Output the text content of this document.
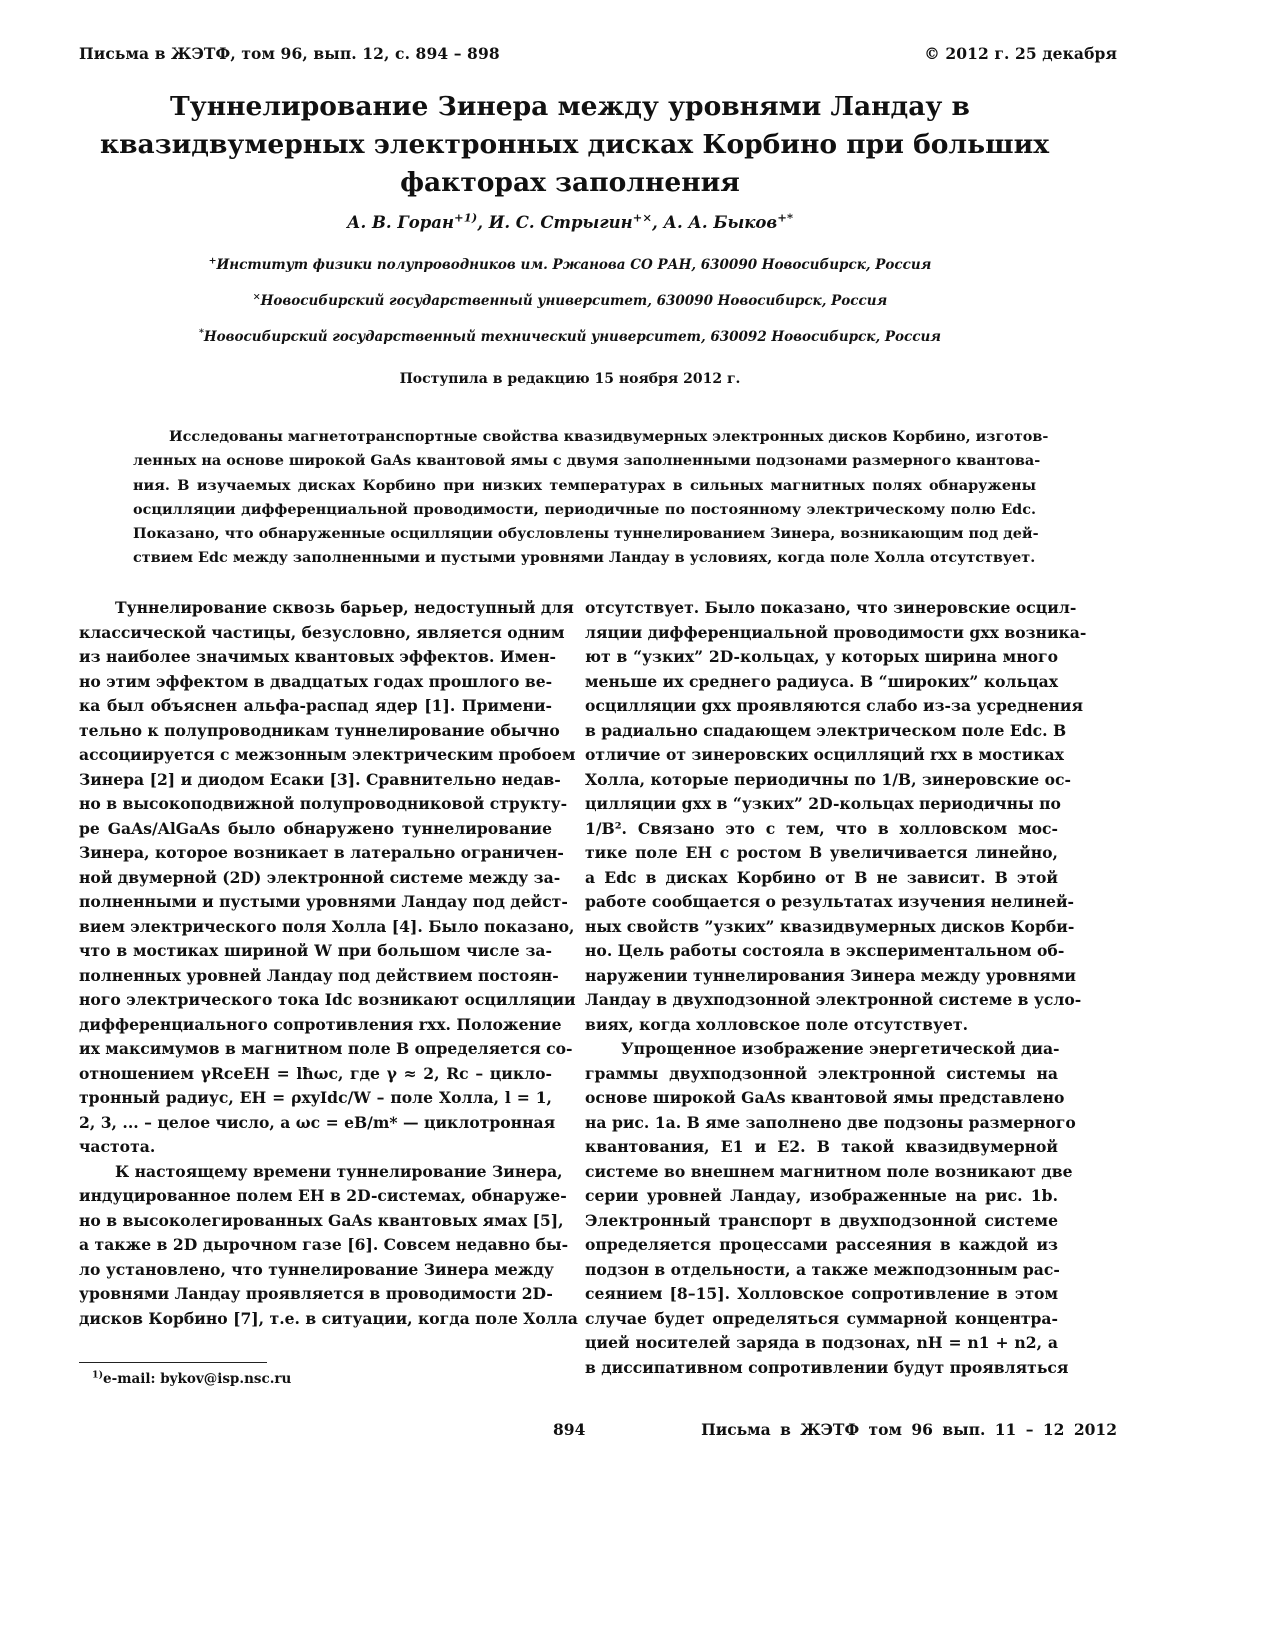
Письма в ЖЭТФ, том 96, вып. 12, с. 894 – 898	© 2012 г. 25 декабря
Туннелирование Зинера между уровнями Ландау в
квазидвумерных электронных дисках Корбино при больших
факторах заполнения
А. В. Горан$^{+1)}$, И. С. Стрыгин+×, А. А. Быков+*
+Институт физики полупроводников им. Ржанова СО РАН, 630090 Новосибирск, Россия
×Новосибирский государственный университет, 630090 Новосибирск, Россия
*Новосибирский государственный технический университет, 630092 Новосибирск, Россия
Поступила в редакцию 15 ноября 2012 г.
Исследованы магнетотранспортные свойства квазидвумерных электронных дисков Корбино, изготов-
ленных на основе широкой GaAs квантовой ямы с двумя заполненными подзонами размерного квантова-
ния. В изучаемых дисках Корбино при низких температурах в сильных магнитных полях обнаружены
осцилляции дифференциальной проводимости, периодичные по постоянному электрическому полю Edc.
Показано, что обнаруженные осцилляции обусловлены туннелированием Зинера, возникающим под дей-
ствием Edc между заполненными и пустыми уровнями Ландау в условиях, когда поле Холла отсутствует.
Туннелирование сквозь барьер, недоступный для
классической частицы, безусловно, является одним
из наиболее значимых квантовых эффектов. Имен-
но этим эффектом в двадцатых годах прошлого ве-
ка был объяснен альфа-распад ядер [1]. Примени-
тельно к полупроводникам туннелирование обычно
ассоциируется с межзонным электрическим пробоем
Зинера [2] и диодом Есаки [3]. Сравнительно недав-
но в высокоподвижной полупроводниковой структу-
ре GaAs/AlGaAs было обнаружено туннелирование
Зинера, которое возникает в латерально ограничен-
ной двумерной (2D) электронной системе между за-
полненными и пустыми уровнями Ландау под дейст-
вием электрического поля Холла [4]. Было показано,
что в мостиках шириной W при большом числе за-
полненных уровней Ландау под действием постоян-
ного электрического тока Idc возникают осцилляции
дифференциального сопротивления rxx. Положение
их максимумов в магнитном поле B определяется со-
отношением γRceEH = lħωc, где γ ≈ 2, Rc – цикло-
тронный радиус, EH = ρxyIdc/W – поле Холла, l = 1,
2, 3, ... – целое число, а ωc = eB/m* — циклотронная
частота.
К настоящему времени туннелирование Зинера,
индуцированное полем EH в 2D-системах, обнаруже-
но в высоколегированных GaAs квантовых ямах [5],
а также в 2D дырочном газе [6]. Совсем недавно бы-
ло установлено, что туннелирование Зинера между
уровнями Ландау проявляется в проводимости 2D-
дисков Корбино [7], т.е. в ситуации, когда поле Холла
отсутствует. Было показано, что зинеровские осцил-
ляции дифференциальной проводимости gxx возника-
ют в “узких” 2D-кольцах, у которых ширина много
меньше их среднего радиуса. В “широких” кольцах
осцилляции gxx проявляются слабо из-за усреднения
в радиально спадающем электрическом поле Edc. В
отличие от зинеровских осцилляций rxx в мостиках
Холла, которые периодичны по 1/B, зинеровские ос-
цилляции gxx в “узких” 2D-кольцах периодичны по
1/B². Связано это с тем, что в холловском мос-
тике поле EH с ростом B увеличивается линейно,
а Edc в дисках Корбино от B не зависит. В этой
работе сообщается о результатах изучения нелиней-
ных свойств ”узких” квазидвумерных дисков Корби-
но. Цель работы состояла в экспериментальном об-
наружении туннелирования Зинера между уровнями
Ландау в двухподзонной электронной системе в усло-
виях, когда холловское поле отсутствует.
Упрощенное изображение энергетической диа-
граммы двухподзонной электронной системы на
основе широкой GaAs квантовой ямы представлено
на рис. 1a. В яме заполнено две подзоны размерного
квантования, E1 и E2. В такой квазидвумерной
системе во внешнем магнитном поле возникают две
серии уровней Ландау, изображенные на рис. 1b.
Электронный транспорт в двухподзонной системе
определяется процессами рассеяния в каждой из
подзон в отдельности, а также межподзонным рас-
сеянием [8–15]. Холловское сопротивление в этом
случае будет определяться суммарной концентра-
цией носителей заряда в подзонах, nH = n1 + n2, а
в диссипативном сопротивлении будут проявляться
$^{1)}$e-mail: bykov@isp.nsc.ru
894	Письма в ЖЭТФ том 96 вып. 11 – 12 2012
